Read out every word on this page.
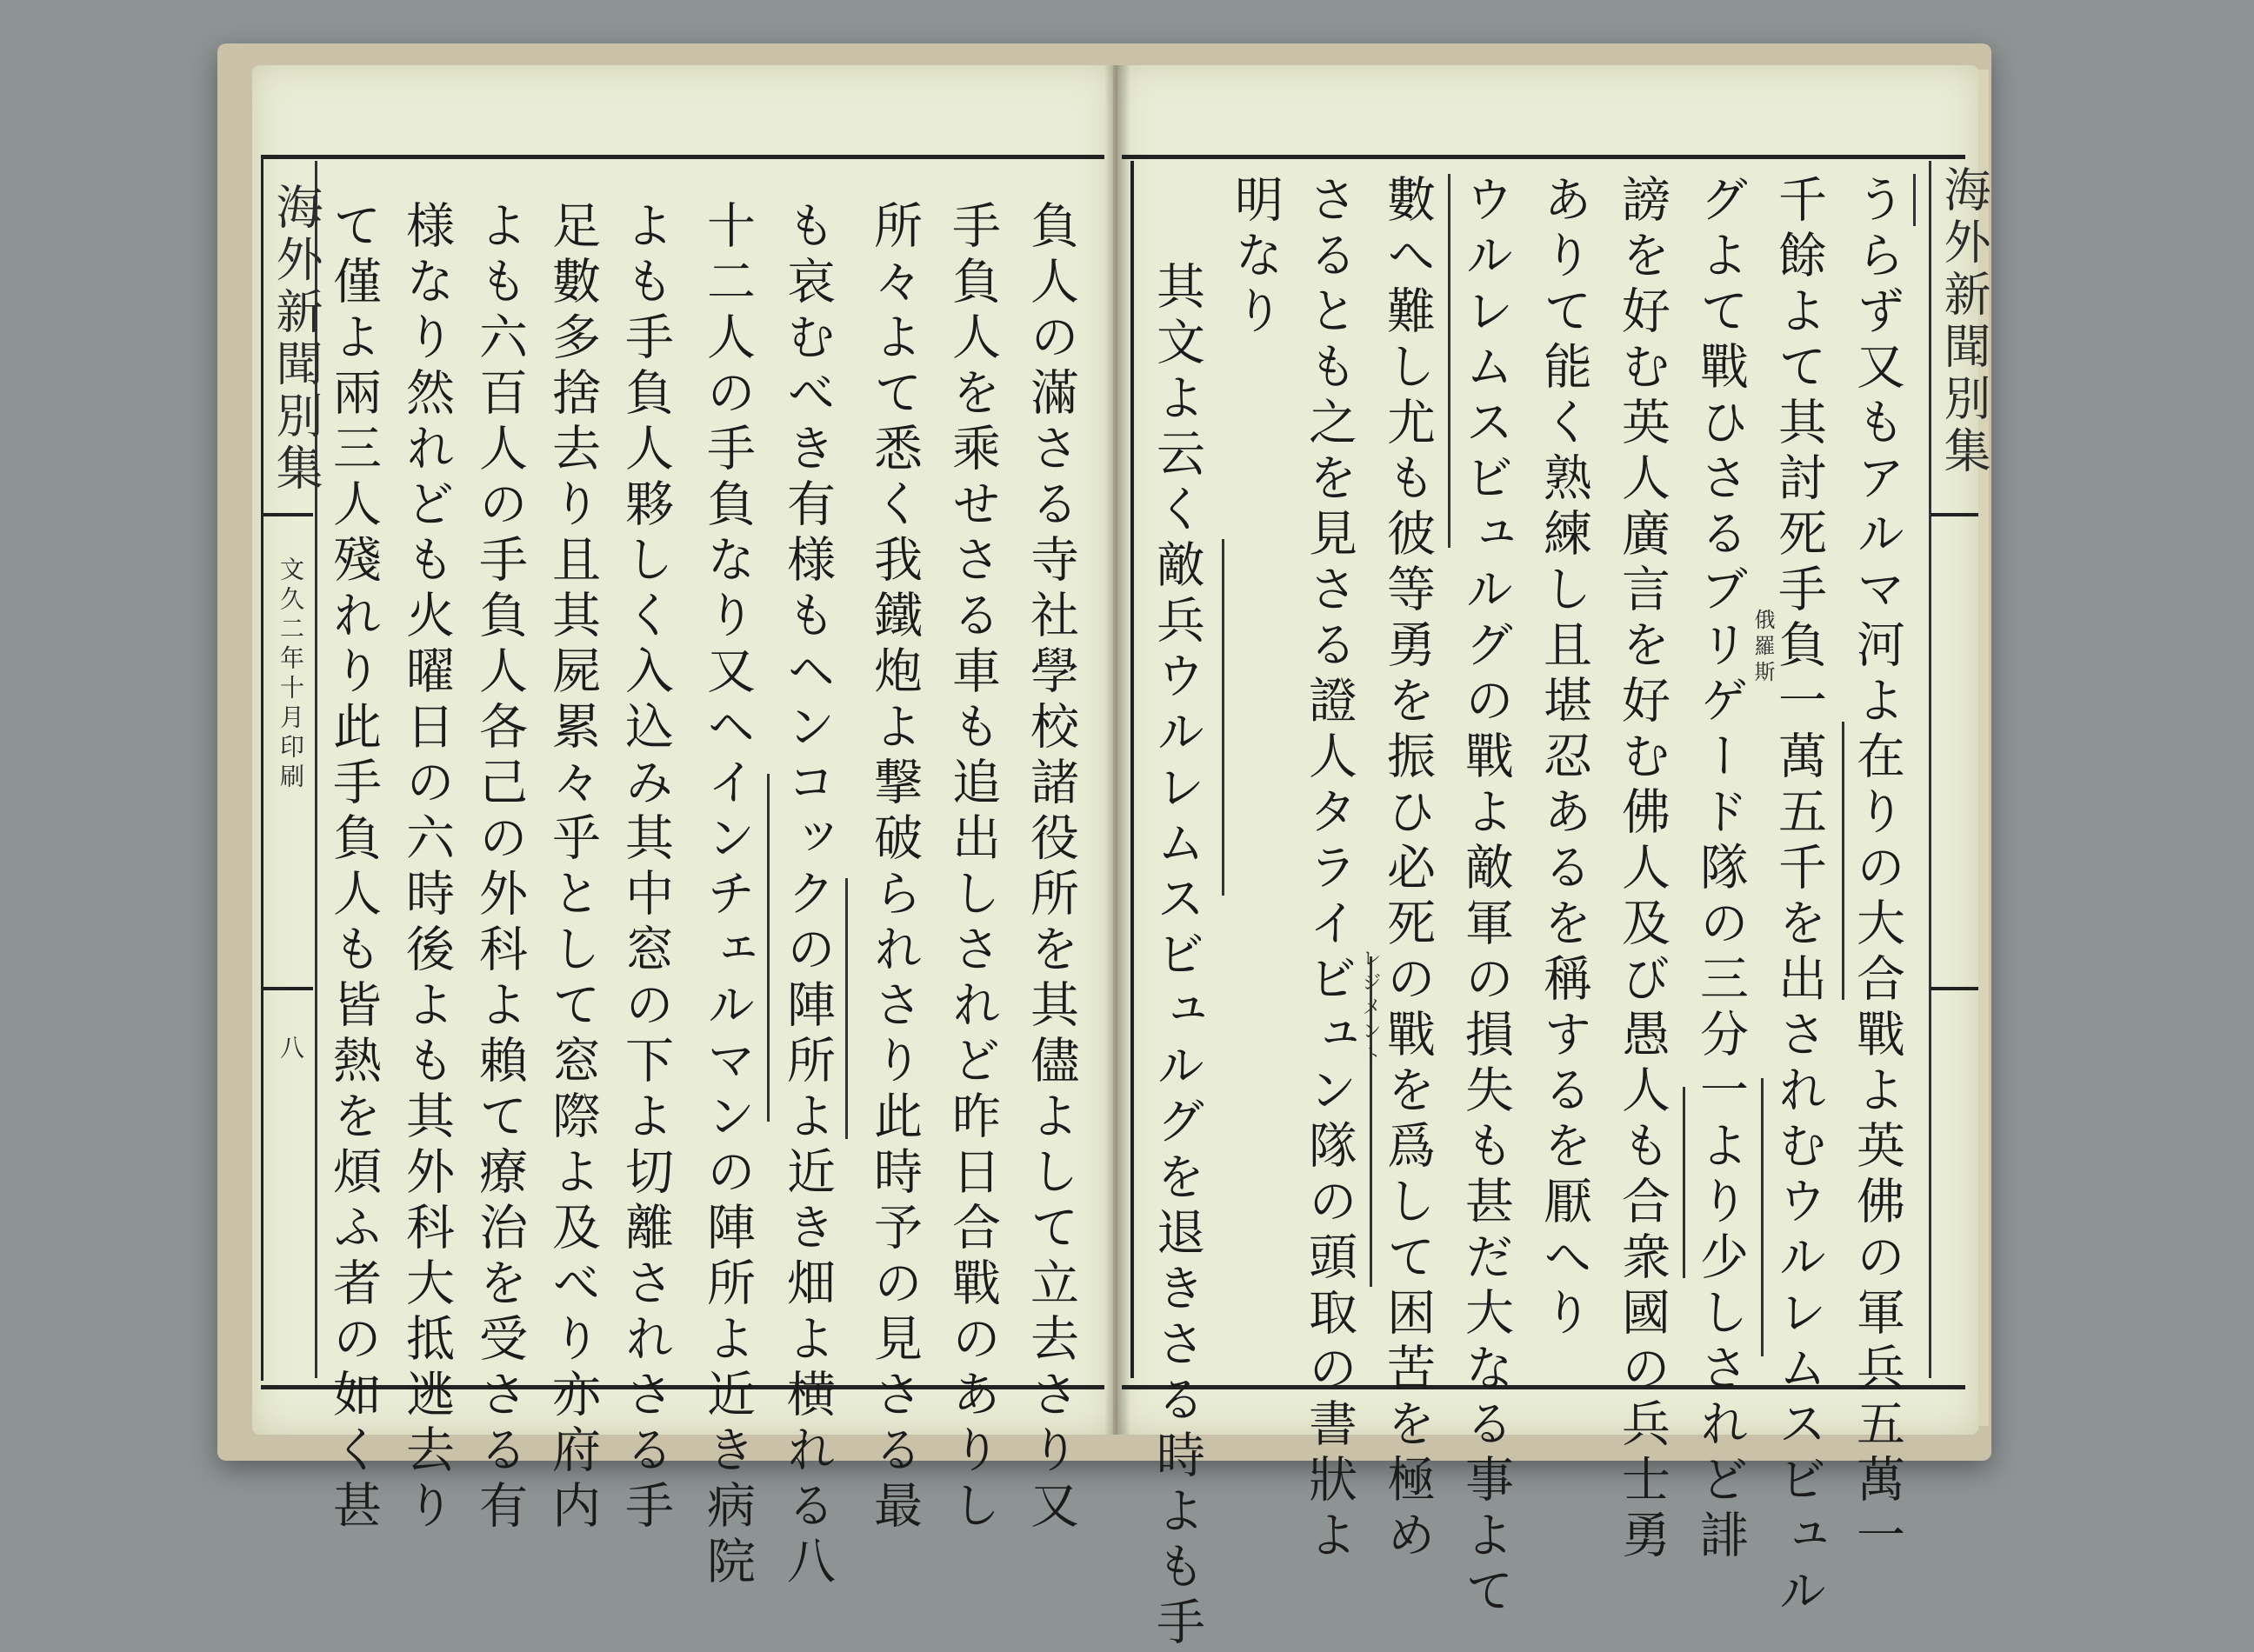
海外新聞別集
文久二年十月印刷
八 て僅よ兩三人殘れり此手負人も皆熱を煩ふ者の如く甚 様なり然れども火曜日の六時後よも其外科大抵逃去り よも六百人の手負人各己の外科よ賴て療治を受さる有 足數多捨去り且其屍累々乎として窓際よ及べり亦府内 よも手負人夥しく入込み其中窓の下よ切離されさる手 十二人の手負なり又ヘインチェルマンの陣所よ近き病院 も哀むべき有様もヘンコックの陣所よ近き畑よ横れる八 所々よて悉く我鐵炮よ撃破られさり此時予の見さる最 手負人を乘せさる車も追出しされど昨日合戰のありし 負人の滿さる寺社學校諸役所を其儘よして立去さり又 其文よ云く敵兵ウルレムスビュルグを退きさる時よも手
明なり さるとも之を見さる證人タライビュン隊の頭取の書狀よ 數へ難し尤も彼等勇を振ひ必死の戰を爲して困苦を極め ウルレムスビュルグの戰よ敵軍の損失も甚だ大なる事よて ありて能く熟練し且堪忍あるを稱するを厭へり 謗を好む英人廣言を好む佛人及び愚人も合衆國の兵士勇 グよて戰ひさるブリゲード隊の三分一より少しされど誹 千餘よて其討死手負一萬五千を出されむウルレムスビュル うらず又もアルマ河よ在りの大合戰よ英佛の軍兵五萬一 海外新聞別集
俄羅斯
レジメント
